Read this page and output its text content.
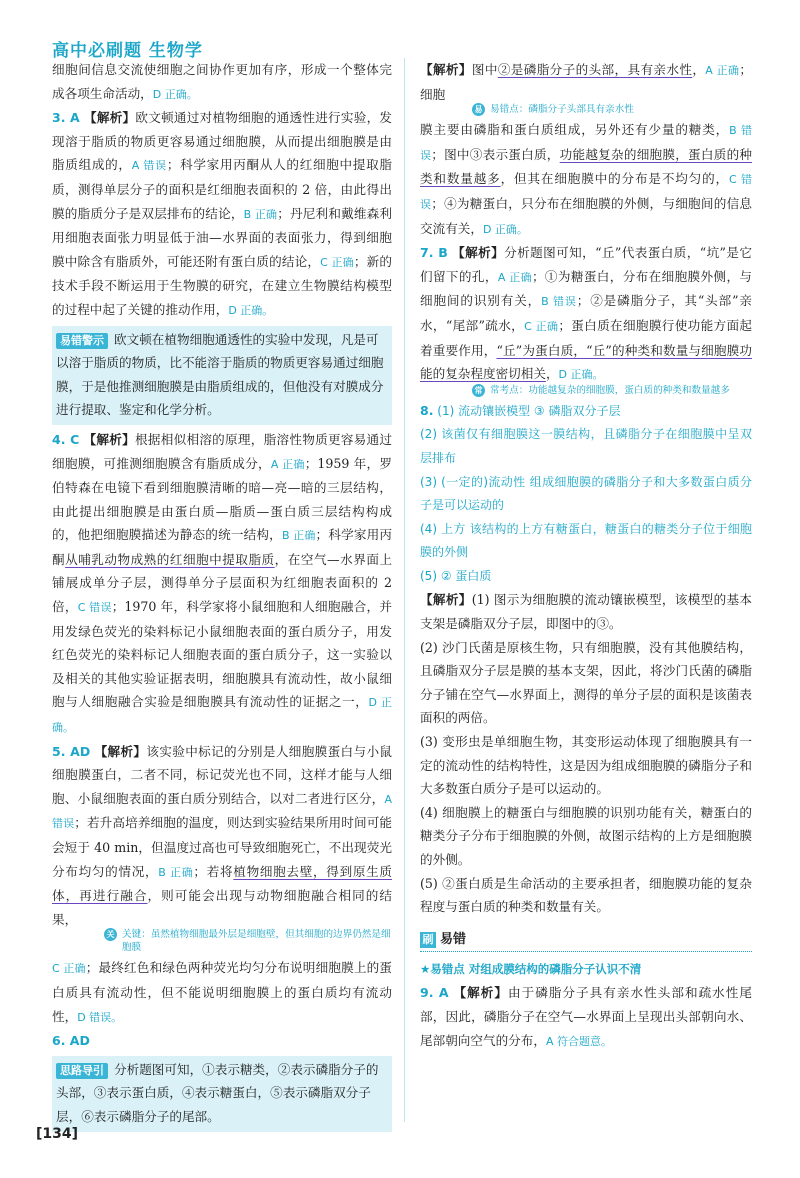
高中必刷题 生物学

细胞间信息交流使细胞之间协作更加有序，形成一个整体完成各项生命活动，D 正确。

3. A 【解析】欧文顿通过对植物细胞的通透性进行实验，发现溶于脂质的物质更容易通过细胞膜，从而提出细胞膜是由脂质组成的，A 错误；科学家用丙酮从人的红细胞中提取脂质，测得单层分子的面积是红细胞表面积的 2 倍，由此得出膜的脂质分子是双层排布的结论，B 正确；丹尼利和戴维森利用细胞表面张力明显低于油—水界面的表面张力，得到细胞膜中除含有脂质外，可能还附有蛋白质的结论，C 正确；新的技术手段不断运用于生物膜的研究，在建立生物膜结构模型的过程中起了关键的推动作用，D 正确。

易错警示 欧文顿在植物细胞通透性的实验中发现，凡是可以溶于脂质的物质，比不能溶于脂质的物质更容易通过细胞膜，于是他推测细胞膜是由脂质组成的，但他没有对膜成分进行提取、鉴定和化学分析。

4. C 【解析】根据相似相溶的原理，脂溶性物质更容易通过细胞膜，可推测细胞膜含有脂质成分，A 正确；1959 年，罗伯特森在电镜下看到细胞膜清晰的暗—亮—暗的三层结构，由此提出细胞膜是由蛋白质—脂质—蛋白质三层结构构成的，他把细胞膜描述为静态的统一结构，B 正确；科学家用丙酮从哺乳动物成熟的红细胞中提取脂质，在空气—水界面上铺展成单分子层，测得单分子层面积为红细胞表面积的 2 倍，C 错误；1970 年，科学家将小鼠细胞和人细胞融合，并用发绿色荧光的染料标记小鼠细胞表面的蛋白质分子，用发红色荧光的染料标记人细胞表面的蛋白质分子，这一实验以及相关的其他实验证据表明，细胞膜具有流动性，故小鼠细胞与人细胞融合实验是细胞膜具有流动性的证据之一，D 正确。

5. AD 【解析】该实验中标记的分别是人细胞膜蛋白与小鼠细胞膜蛋白，二者不同，标记荧光也不同，这样才能与人细胞、小鼠细胞表面的蛋白质分别结合，以对二者进行区分，A 错误；若升高培养细胞的温度，则达到实验结果所用时间可能会短于 40 min，但温度过高也可导致细胞死亡，不出现荧光分布均匀的情况，B 正确；若将植物细胞去壁，得到原生质体，再进行融合，则可能会出现与动物细胞融合相同的结果，

关 关键：虽然植物细胞最外层是细胞壁，但其细胞的边界仍然是细胞膜

C 正确；最终红色和绿色两种荧光均匀分布说明细胞膜上的蛋白质具有流动性，但不能说明细胞膜上的蛋白质均有流动性，D 错误。

6. AD

思路导引 分析题图可知，①表示糖类，②表示磷脂分子的头部，③表示蛋白质，④表示糖蛋白，⑤表示磷脂双分子层，⑥表示磷脂分子的尾部。

【解析】图中②是磷脂分子的头部，具有亲水性，A 正确；细胞

易 易错点：磷脂分子头部具有亲水性

膜主要由磷脂和蛋白质组成，另外还有少量的糖类，B 错误；图中③表示蛋白质，功能越复杂的细胞膜，蛋白质的种类和数量越多，但其在细胞膜中的分布是不均匀的，C 错误；④为糖蛋白，只分布在细胞膜的外侧，与细胞间的信息交流有关，D 正确。

7. B 【解析】分析题图可知，“丘”代表蛋白质，“坑”是它们留下的孔，A 正确；①为糖蛋白，分布在细胞膜外侧，与细胞间的识别有关，B 错误；②是磷脂分子，其“头部”亲水，“尾部”疏水，C 正确；蛋白质在细胞膜行使功能方面起着重要作用，“丘”为蛋白质，“丘”的种类和数量与细胞膜功能的复杂程度密切相关，D 正确。

常 常考点：功能越复杂的细胞膜，蛋白质的种类和数量越多

8. (1) 流动镶嵌模型 ③ 磷脂双分子层

(2) 该菌仅有细胞膜这一膜结构，且磷脂分子在细胞膜中呈双层排布

(3) (一定的)流动性 组成细胞膜的磷脂分子和大多数蛋白质分子是可以运动的

(4) 上方 该结构的上方有糖蛋白，糖蛋白的糖类分子位于细胞膜的外侧

(5) ② 蛋白质

【解析】(1) 图示为细胞膜的流动镶嵌模型，该模型的基本支架是磷脂双分子层，即图中的③。

(2) 沙门氏菌是原核生物，只有细胞膜，没有其他膜结构，且磷脂双分子层是膜的基本支架，因此，将沙门氏菌的磷脂分子铺在空气—水界面上，测得的单分子层的面积是该菌表面积的两倍。

(3) 变形虫是单细胞生物，其变形运动体现了细胞膜具有一定的流动性的结构特性，这是因为组成细胞膜的磷脂分子和大多数蛋白质分子是可以运动的。

(4) 细胞膜上的糖蛋白与细胞膜的识别功能有关，糖蛋白的糖类分子分布于细胞膜的外侧，故图示结构的上方是细胞膜的外侧。

(5) ②蛋白质是生命活动的主要承担者，细胞膜功能的复杂程度与蛋白质的种类和数量有关。

刷 易错
★易错点 对组成膜结构的磷脂分子认识不清

9. A 【解析】由于磷脂分子具有亲水性头部和疏水性尾部，因此，磷脂分子在空气—水界面上呈现出头部朝向水、尾部朝向空气的分布，A 符合题意。

[134]
